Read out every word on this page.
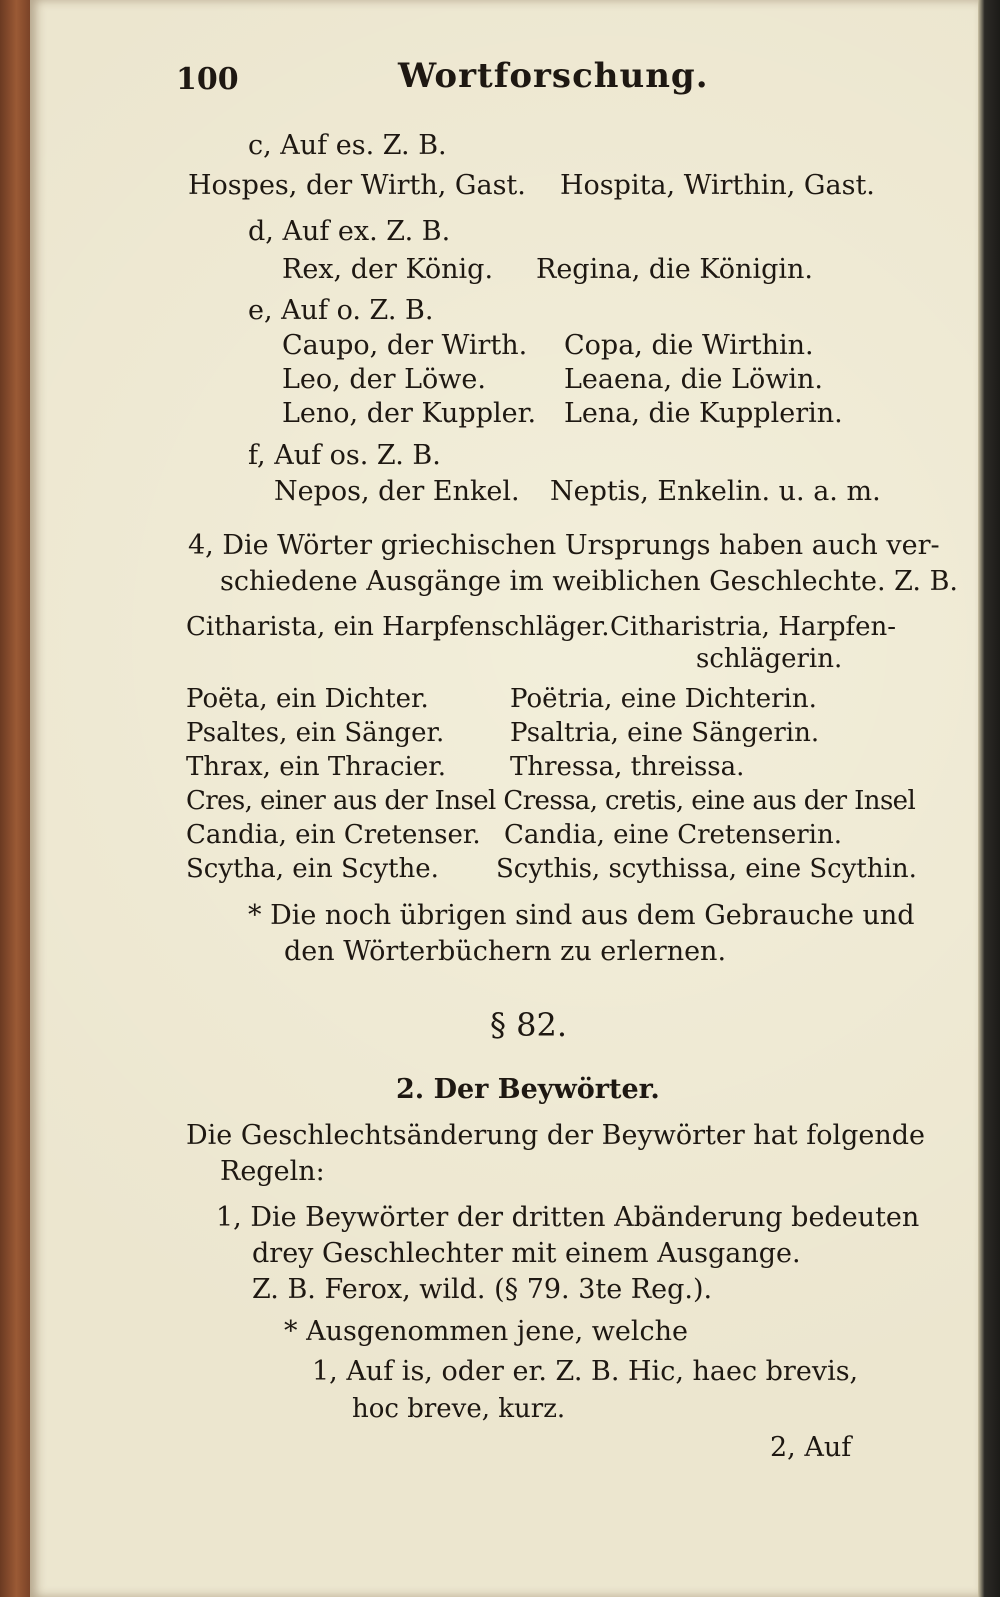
100	Wortforschung.
c, Auf es. Z. B.
Hospes, der Wirth, Gast. Hospita, Wirthin, Gast.
d, Auf ex. Z. B.
Rex, der König. Regina, die Königin.
e, Auf o. Z. B.
Caupo, der Wirth. Copa, die Wirthin.
Leo, der Löwe.	Leaena, die Löwin.
Leno, der Kuppler. Lena, die Kupplerin.
f, Auf os. Z. B.
Nepos, der Enkel. Neptis, Enkelin. u. a. m.
4, Die Wörter griechischen Ursprungs haben auch ver-
schiedene Ausgänge im weiblichen Geschlechte. Z. B.
Citharista, ein Harpfenschläger. Citharistria, Harpfen-
schlägerin.
Poëta, ein Dichter.	Poëtria, eine Dichterin.
Psaltes, ein Sänger.	Psaltria, eine Sängerin.
Thrax, ein Thracier. Thressa, threissa.
Cres, einer aus der Insel Cressa, cretis, eine aus der Insel
Candia, ein Cretenser. Candia, eine Cretenserin.
Scytha, ein Scythe. Scythis, scythissa, eine Scythin.
* Die noch übrigen sind aus dem Gebrauche und
den Wörterbüchern zu erlernen.
§ 82.
2. Der Beywörter.
Die Geschlechtsänderung der Beywörter hat folgende
Regeln:
1, Die Beywörter der dritten Abänderung bedeuten
drey Geschlechter mit einem Ausgange.
Z. B. Ferox, wild. (§ 79. 3te Reg.).
* Ausgenommen jene, welche
1, Auf is, oder er. Z. B. Hic, haec brevis,
hoc breve, kurz.
2, Auf
